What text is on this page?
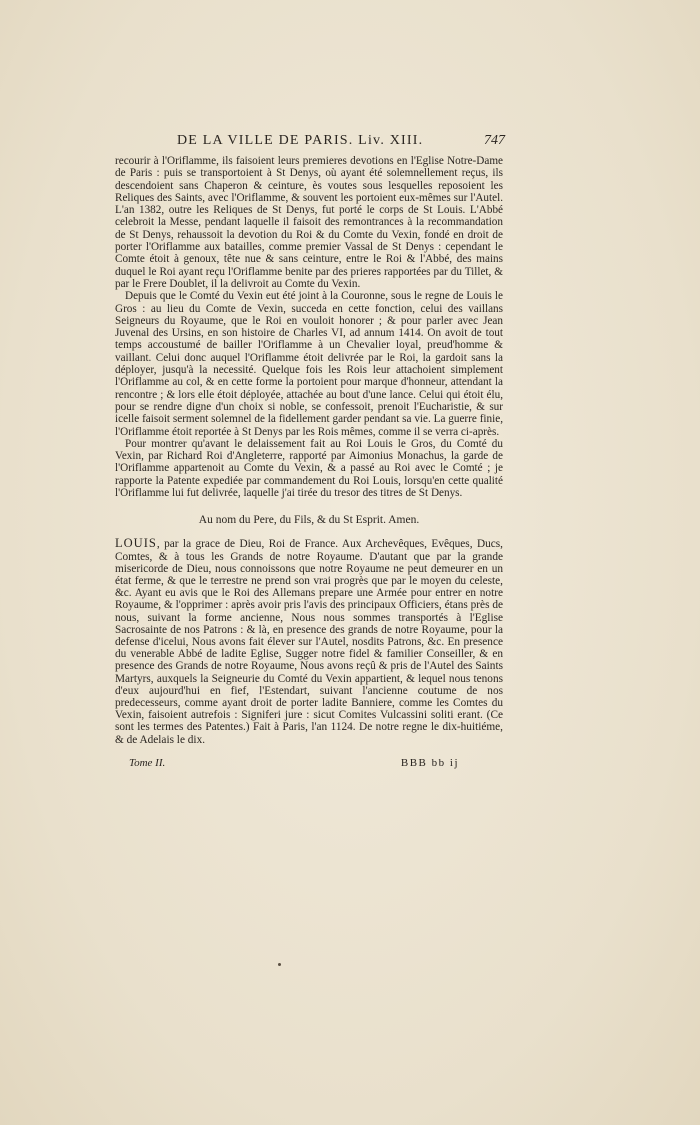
DE LA VILLE DE PARIS. Liv. XIII.	747

recourir à l'Oriflamme, ils faisoient leurs premieres devotions en l'Eglise Notre-Dame de Paris : puis se transportoient à St Denys, où ayant été solemnellement reçus, ils descendoient sans Chaperon & ceinture, ès voutes sous lesquelles reposoient les Reliques des Saints, avec l'Oriflamme, & souvent les portoient eux-mêmes sur l'Autel. L'an 1382, outre les Reliques de St Denys, fut porté le corps de St Louis. L'Abbé celebroit la Messe, pendant laquelle il faisoit des remontrances à la recommandation de St Denys, rehaussoit la devotion du Roi & du Comte du Vexin, fondé en droit de porter l'Oriflamme aux batailles, comme premier Vassal de St Denys : cependant le Comte étoit à genoux, tête nue & sans ceinture, entre le Roi & l'Abbé, des mains duquel le Roi ayant reçu l'Oriflamme benite par des prieres rapportées par du Tillet, & par le Frere Doublet, il la delivroit au Comte du Vexin.

Depuis que le Comté du Vexin eut été joint à la Couronne, sous le regne de Louis le Gros : au lieu du Comte de Vexin, succeda en cette fonction, celui des vaillans Seigneurs du Royaume, que le Roi en vouloit honorer ; & pour parler avec Jean Juvenal des Ursins, en son histoire de Charles VI, ad annum 1414. On avoit de tout temps accoustumé de bailler l'Oriflamme à un Chevalier loyal, preud'homme & vaillant. Celui donc auquel l'Oriflamme étoit delivrée par le Roi, la gardoit sans la déployer, jusqu'à la necessité. Quelque fois les Rois leur attachoient simplement l'Oriflamme au col, & en cette forme la portoient pour marque d'honneur, attendant la rencontre ; & lors elle étoit déployée, attachée au bout d'une lance. Celui qui étoit élu, pour se rendre digne d'un choix si noble, se confessoit, prenoit l'Eucharistie, & sur icelle faisoit serment solemnel de la fidellement garder pendant sa vie. La guerre finie, l'Oriflamme étoit reportée à St Denys par les Rois mêmes, comme il se verra ci-après.

Pour montrer qu'avant le delaissement fait au Roi Louis le Gros, du Comté du Vexin, par Richard Roi d'Angleterre, rapporté par Aimonius Monachus, la garde de l'Oriflamme appartenoit au Comte du Vexin, & a passé au Roi avec le Comté ; je rapporte la Patente expediée par commandement du Roi Louis, lorsqu'en cette qualité l'Oriflamme lui fut delivrée, laquelle j'ai tirée du tresor des titres de St Denys.

Au nom du Pere, du Fils, & du St Esprit. Amen.

LOUIS, par la grace de Dieu, Roi de France. Aux Archevêques, Evêques, Ducs, Comtes, & à tous les Grands de notre Royaume. D'autant que par la grande misericorde de Dieu, nous connoissons que notre Royaume ne peut demeurer en un état ferme, & que le terrestre ne prend son vrai progrès que par le moyen du celeste, &c. Ayant eu avis que le Roi des Allemans prepare une Armée pour entrer en notre Royaume, & l'opprimer : après avoir pris l'avis des principaux Officiers, étans près de nous, suivant la forme ancienne, Nous nous sommes transportés à l'Eglise Sacrosainte de nos Patrons : & là, en presence des grands de notre Royaume, pour la defense d'icelui, Nous avons fait élever sur l'Autel, nosdits Patrons, &c. En presence du venerable Abbé de ladite Eglise, Sugger notre fidel & familier Conseiller, & en presence des Grands de notre Royaume, Nous avons reçû & pris de l'Autel des Saints Martyrs, auxquels la Seigneurie du Comté du Vexin appartient, & lequel nous tenons d'eux aujourd'hui en fief, l'Estendart, suivant l'ancienne coutume de nos predecesseurs, comme ayant droit de porter ladite Banniere, comme les Comtes du Vexin, faisoient autrefois : Signiferi jure : sicut Comites Vulcassini soliti erant. (Ce sont les termes des Patentes.) Fait à Paris, l'an 1124. De notre regne le dix-huitiéme, & de Adelais le dix.

Tome II.	BBB bb ij
